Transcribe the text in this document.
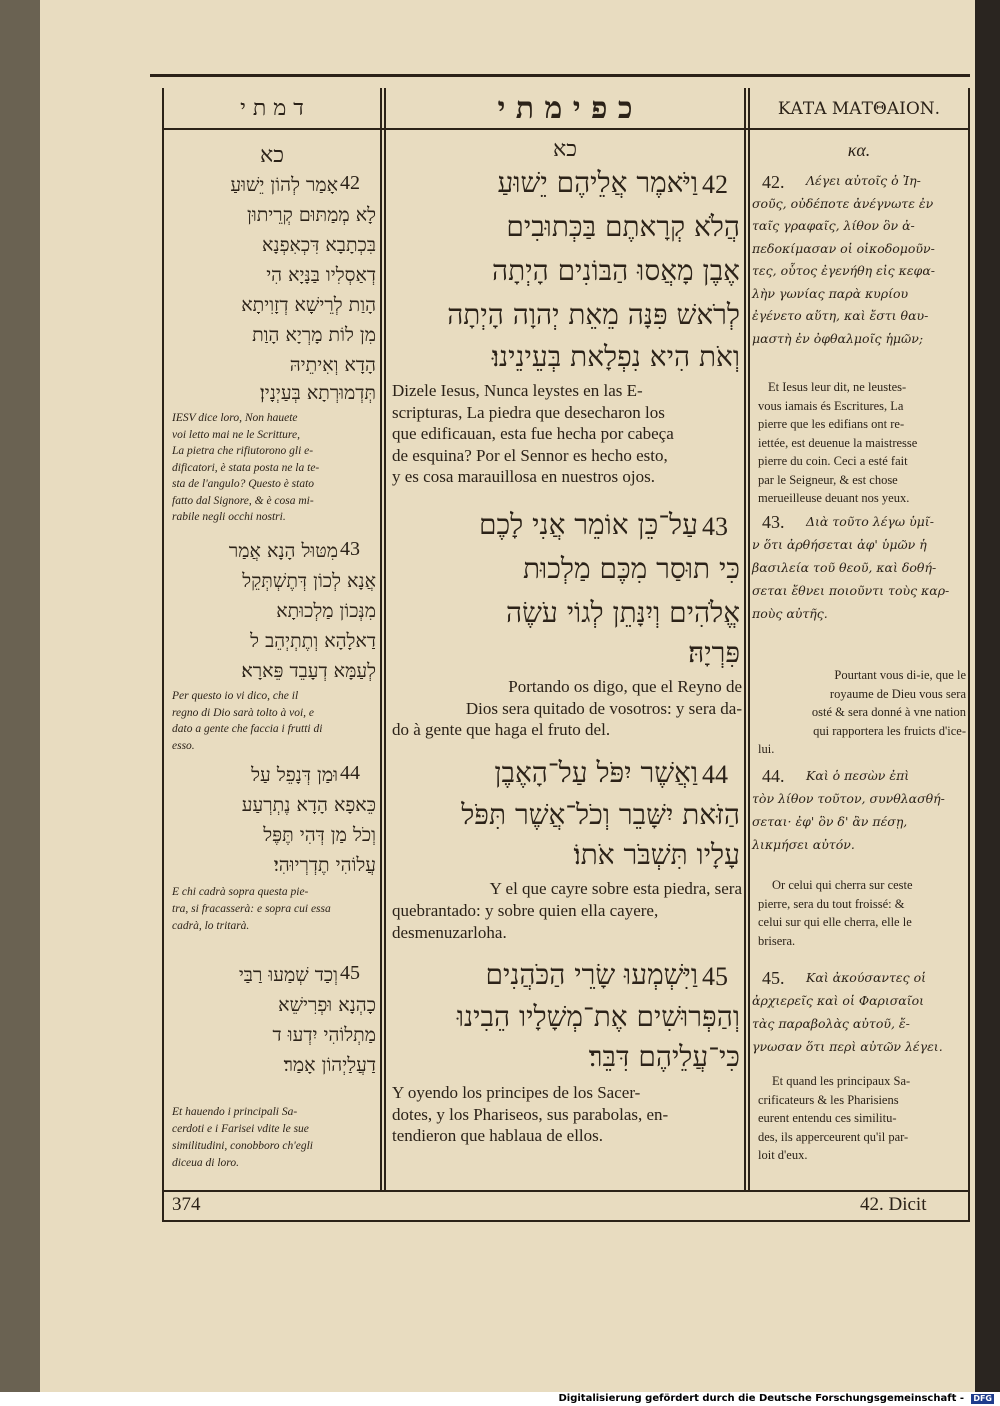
ד מ ת י	כ פ י מ ת י	ΚΑΤΑ ΜΑΤΘΑΙΟΝ.
כא	כא	κα.
42
אָמַר לְהוֹן יֵשׁוּעַ
לָא מְמַתּוּם קְרֵיתוּן
בִּכְתָבָא דִּכְאִפְנָא
דְאַסְלִיו בַּנָּיָא הִי
הָוַת לְרֵישָׁא דְזָוִיתָא
מִן לוֹת מָרְיָא הָוַת
הָדָא וְאִיתֵיהּ
תְּדְמוּרְתָא בְּעַיְנָין׃
IESV dice loro, Non hauete
voi letto mai ne le Scritture,
La pietra che rifiutorono gli e-
dificatori, è stata posta ne la te-
sta de l'angulo? Questo è stato
fatto dal Signore, & è cosa mi-
rabile negli occhi nostri.
43
מִטּוּל הָנָא אֲמַר
אֲנָא לְכוֹן דְּתֶשְׁתְּקֵל
מִנְּכוֹן מַלְכוּתָא
דַאלָהָא וְתֶתְיְהֵב ל
לְעַמָּא דְעָבֵד פֵּארָא׃
Per questo io vi dico, che il
regno di Dio sarà tolto à voi, e
dato a gente che faccia i frutti di
esso.
44
וּמַן דְּנָפֵל עַל
כֵּאפָא הָדָא נֶתְרְעַע
וְכֹל מַן דְּהִי תֶּפֶּל
עֲלוֹהִי תֶדְרְיוּהִי׃
E chi cadrà sopra questa pie-
tra, si fracasserà: e sopra cui essa
cadrà, lo tritarà.
45
וְכַד שְׁמַעוּ רַבַּי
כָהְנָא וּפְרִישֵׁא
מַתְלוֹהִי יִדְעוּ ד
דַעֲלַיְהוֹן אָמַר׃
Et hauendo i principali Sa-
cerdoti e i Farisei vdite le sue
similitudini, conobboro ch'egli
diceua di loro.
42
וַיֹּאמֶר אֲלֵיהֶם יֵשׁוּעַ
הֲלֹא קְרָאתֶם בַּכְּתוּבִים
אֶבֶן מָאֲסוּ הַבּוֹנִים הָיְתָה
לְרֹאשׁ פִּנָּה מֵאֵת יְהוָה הָיְתָה
וְאֹת הִיא נִפְלָאת בְּעֵינֵינוּ׃
Dizele Iesus, Nunca leystes en las E-
scripturas, La piedra que desecharon los
que edificauan, esta fue hecha por cabeça
de esquina? Por el Sennor es hecho esto,
y es cosa marauillosa en nuestros ojos.
43
עַל־כֵּן אוֹמֵר אֲנִי לָכֶם
כִּי תוּסַר מִכֶּם מַלְכוּת
אֱלֹהִים וְיִנָּתֵן לְגוֹי עֹשֶׂה
פִּרְיָהּ׃
Portando os digo, que el Reyno de
Dios sera quitado de vosotros: y sera da-
do à gente que haga el fruto del.
44
וַאֲשֶׁר יִפֹּל עַל־הָאֶבֶן
הַזֹּאת יִשָּׁבֵר וְכֹל־אֲשֶׁר תִּפֹּל
עָלָיו תִּשְׁבֹּר אֹתוֹ׃
Y el que cayre sobre esta piedra, sera
quebrantado: y sobre quien ella cayere,
desmenuzarloha.
45
וַיִּשְׁמְעוּ שָׂרֵי הַכֹּהֲנִים
וְהַפְּרוּשִׁים אֶת־מְשָׁלָיו הֵבִינוּ
כִּי־עֲלֵיהֶם דִּבֵּר׃
Y oyendo los principes de los Sacer-
dotes, y los Phariseos, sus parabolas, en-
tendieron que hablaua de ellos.
42.	Λέγει αὐτοῖς ὁ Ἰη-
σοῦς, οὐδέποτε ἀνέγνωτε ἐν
ταῖς γραφαῖς, λίθον ὃν ἀ-
πεδοκίμασαν οἱ οἰκοδομοῦν-
τες, οὗτος ἐγενήθη εἰς κεφα-
λὴν γωνίας παρὰ κυρίου
ἐγένετο αὕτη, καὶ ἔστι θαυ-
μαστὴ ἐν ὀφθαλμοῖς ἡμῶν;
Et Iesus leur dit, ne leustes-
vous iamais és Escritures, La
pierre que les edifians ont re-
iettée, est deuenue la maistresse
pierre du coin. Ceci a esté fait
par le Seigneur, & est chose
merueilleuse deuant nos yeux.
43.	Διὰ τοῦτο λέγω ὑμῖ-
ν ὅτι ἀρθήσεται ἀφ' ὑμῶν ἡ
βασιλεία τοῦ θεοῦ, καὶ δοθή-
σεται ἔθνει ποιοῦντι τοὺς καρ-
ποὺς αὐτῆς.
Pourtant vous di-ie, que le
royaume de Dieu vous sera
osté & sera donné à vne nation
qui rapportera les fruicts d'ice-
lui.
44.	Καὶ ὁ πεσὼν ἐπὶ
τὸν λίθον τοῦτον, συνθλασθή-
σεται· ἐφ' ὃν δ' ἂν πέσῃ,
λικμήσει αὐτόν.
Or celui qui cherra sur ceste
pierre, sera du tout froissé: &
celui sur qui elle cherra, elle le
brisera.
45.	Καὶ ἀκούσαντες οἱ
ἀρχιερεῖς καὶ οἱ Φαρισαῖοι
τὰς παραβολὰς αὐτοῦ, ἔ-
γνωσαν ὅτι περὶ αὐτῶν λέγει.
Et quand les principaux Sa-
crificateurs & les Pharisiens
eurent entendu ces similitu-
des, ils apperceurent qu'il par-
loit d'eux.
374	42. Dicit
Digitalisierung gefördert durch die Deutsche Forschungsgemeinschaft - DFG
